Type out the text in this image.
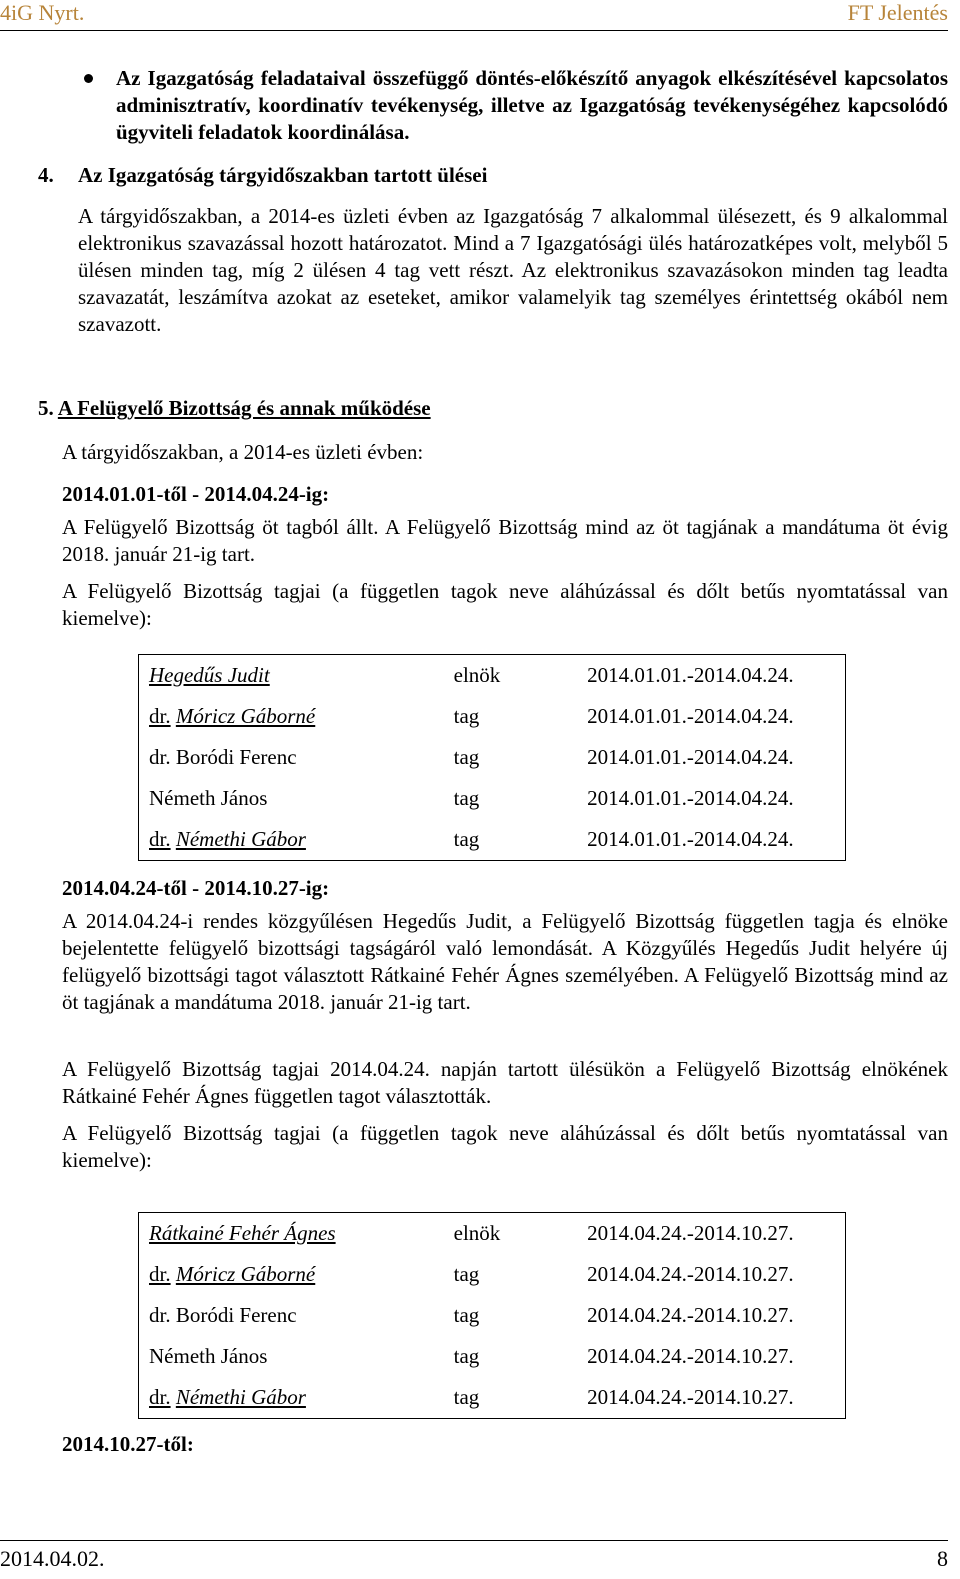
4iG Nyrt.	FT Jelentés

Az Igazgatóság feladataival összefüggő döntés-előkészítő anyagok elkészítésével kapcsolatos adminisztratív, koordinatív tevékenység, illetve az Igazgatóság tevékenységéhez kapcsolódó ügyviteli feladatok koordinálása.

4. Az Igazgatóság tárgyidőszakban tartott ülései

A tárgyidőszakban, a 2014-es üzleti évben az Igazgatóság 7 alkalommal ülésezett, és 9 alkalommal elektronikus szavazással hozott határozatot. Mind a 7 Igazgatósági ülés határozatképes volt, melyből 5 ülésen minden tag, míg 2 ülésen 4 tag vett részt. Az elektronikus szavazásokon minden tag leadta szavazatát, leszámítva azokat az eseteket, amikor valamelyik tag személyes érintettség okából nem szavazott.

5. A Felügyelő Bizottság és annak működése
A tárgyidőszakban, a 2014-es üzleti évben:
2014.01.01-től - 2014.04.24-ig:

A Felügyelő Bizottság öt tagból állt. A Felügyelő Bizottság mind az öt tagjának a mandátuma öt évig 2018. január 21-ig tart.

A Felügyelő Bizottság tagjai (a független tagok neve aláhúzással és dőlt betűs nyomtatással van kiemelve):

Hegedűs Judit	elnök	2014.01.01.-2014.04.24.
dr. Móricz Gáborné	tag	2014.01.01.-2014.04.24.
dr. Boródi Ferenc	tag	2014.01.01.-2014.04.24.
Németh János	tag	2014.01.01.-2014.04.24.
dr. Némethi Gábor	tag	2014.01.01.-2014.04.24.
2014.04.24-től - 2014.10.27-ig:

A 2014.04.24-i rendes közgyűlésen Hegedűs Judit, a Felügyelő Bizottság független tagja és elnöke bejelentette felügyelő bizottsági tagságáról való lemondását. A Közgyűlés Hegedűs Judit helyére új felügyelő bizottsági tagot választott Rátkainé Fehér Ágnes személyében. A Felügyelő Bizottság mind az öt tagjának a mandátuma 2018. január 21-ig tart.

A Felügyelő Bizottság tagjai 2014.04.24. napján tartott ülésükön a Felügyelő Bizottság elnökének Rátkainé Fehér Ágnes független tagot választották.

A Felügyelő Bizottság tagjai (a független tagok neve aláhúzással és dőlt betűs nyomtatással van kiemelve):

Rátkainé Fehér Ágnes	elnök	2014.04.24.-2014.10.27.
dr. Móricz Gáborné	tag	2014.04.24.-2014.10.27.
dr. Boródi Ferenc	tag	2014.04.24.-2014.10.27.
Németh János	tag	2014.04.24.-2014.10.27.
dr. Némethi Gábor	tag	2014.04.24.-2014.10.27.
2014.10.27-től:
2014.04.02.	8
